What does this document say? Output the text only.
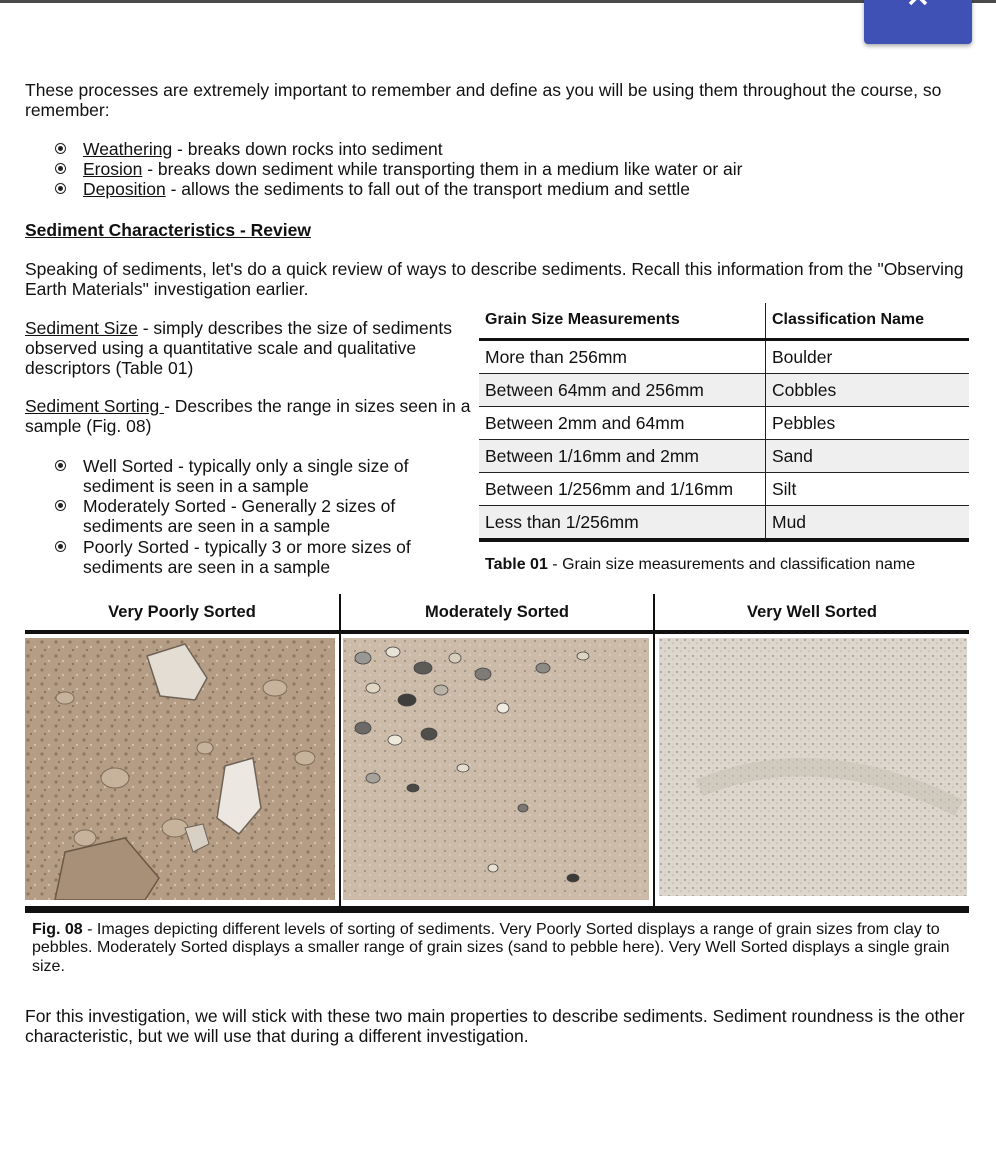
These processes are extremely important to remember and define as you will be using them throughout the course, so remember:

Weathering - breaks down rocks into sediment
Erosion - breaks down sediment while transporting them in a medium like water or air
Deposition - allows the sediments to fall out of the transport medium and settle

Sediment Characteristics - Review

Speaking of sediments, let's do a quick review of ways to describe sediments. Recall this information from the "Observing Earth Materials" investigation earlier.

Sediment Size - simply describes the size of sediments observed using a quantitative scale and qualitative descriptors (Table 01)

Sediment Sorting - Describes the range in sizes seen in a sample (Fig. 08)

Well Sorted - typically only a single size of sediment is seen in a sample
Moderately Sorted - Generally 2 sizes of sediments are seen in a sample
Poorly Sorted - typically 3 or more sizes of sediments are seen in a sample
Grain Size Measurements	Classification Name
More than 256mm	Boulder
Between 64mm and 256mm	Cobbles
Between 2mm and 64mm	Pebbles
Between 1/16mm and 2mm	Sand
Between 1/256mm and 1/16mm	Silt
Less than 1/256mm	Mud
Table 01 - Grain size measurements and classification name
Very Poorly Sorted	Moderately Sorted	Very Well Sorted

Fig. 08 - Images depicting different levels of sorting of sediments. Very Poorly Sorted displays a range of grain sizes from clay to pebbles. Moderately Sorted displays a smaller range of grain sizes (sand to pebble here). Very Well Sorted displays a single grain size.

For this investigation, we will stick with these two main properties to describe sediments. Sediment roundness is the other characteristic, but we will use that during a different investigation.
